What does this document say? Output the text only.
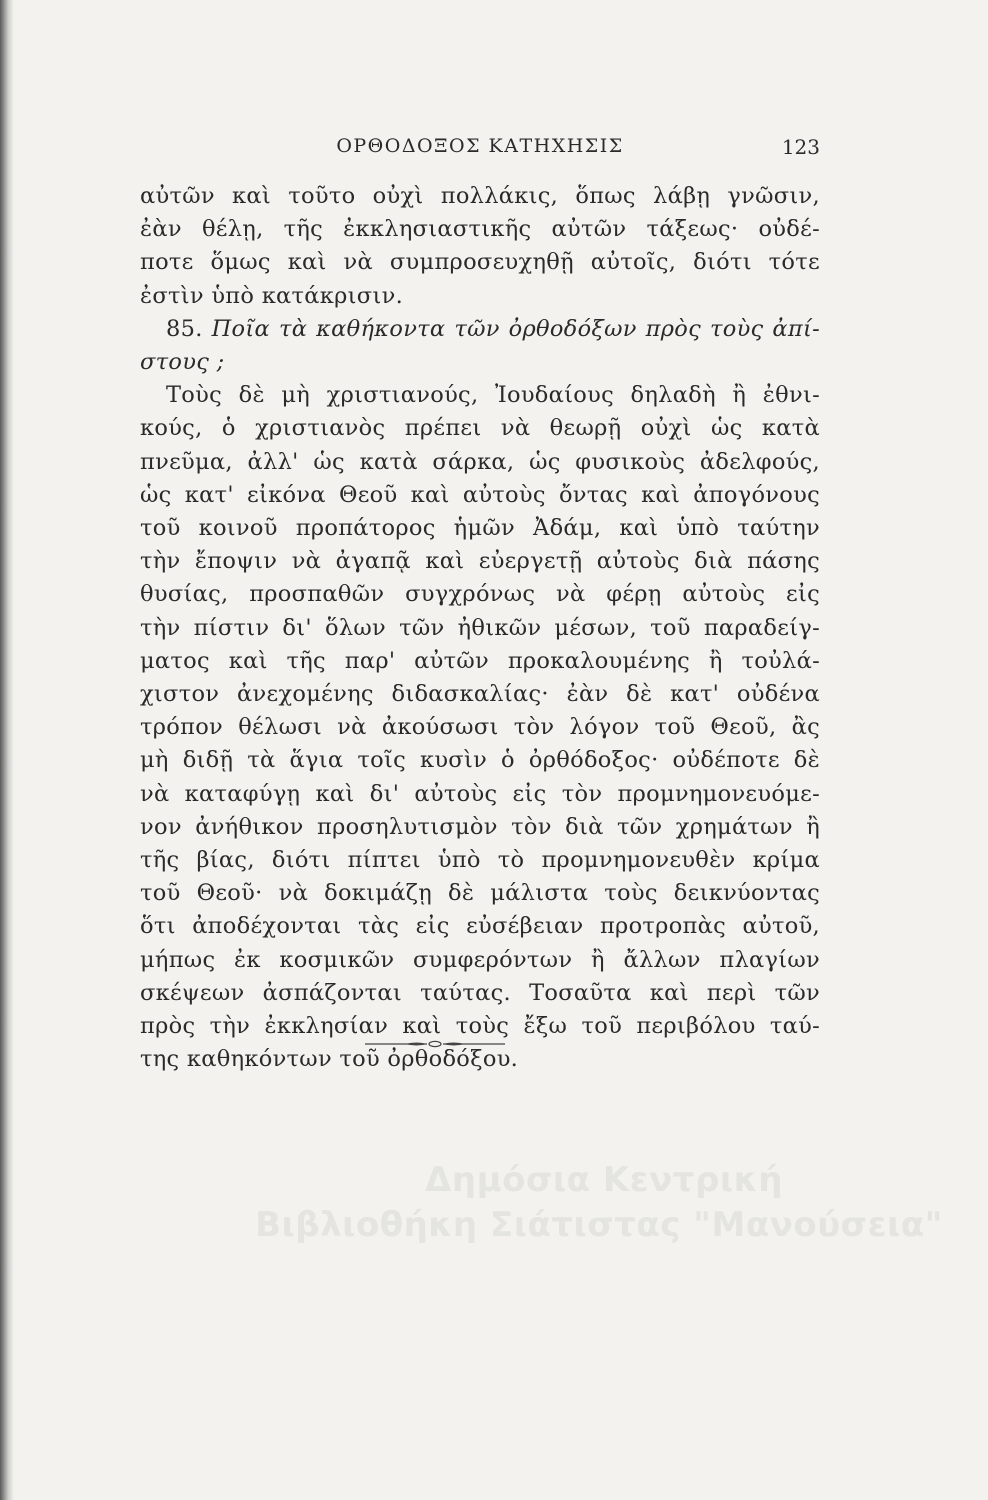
ΟΡΘΟΔΟΞΟΣ ΚΑΤΗΧΗΣΙΣ	123

αὐτῶν καὶ τοῦτο οὐχὶ πολλάκις, ὅπως λάβῃ γνῶσιν,
ἐὰν θέλῃ, τῆς ἐκκλησιαστικῆς αὐτῶν τάξεως· οὐδέ-
ποτε ὅμως καὶ νὰ συμπροσευχηθῇ αὐτοῖς, διότι τότε
ἐστὶν ὑπὸ κατάκρισιν.

85. Ποῖα τὰ καθήκοντα τῶν ὀρθοδόξων πρὸς τοὺς ἀπί-
στους ;

Τοὺς δὲ μὴ χριστιανούς, Ἰουδαίους δηλαδὴ ἢ ἐθνι-
κούς, ὁ χριστιανὸς πρέπει νὰ θεωρῇ οὐχὶ ὡς κατὰ
πνεῦμα, ἀλλ' ὡς κατὰ σάρκα, ὡς φυσικοὺς ἀδελφούς,
ὡς κατ' εἰκόνα Θεοῦ καὶ αὐτοὺς ὄντας καὶ ἀπογόνους
τοῦ κοινοῦ προπάτορος ἡμῶν Ἀδάμ, καὶ ὑπὸ ταύτην
τὴν ἔποψιν νὰ ἀγαπᾷ καὶ εὐεργετῇ αὐτοὺς διὰ πάσης
θυσίας, προσπαθῶν συγχρόνως νὰ φέρῃ αὐτοὺς εἰς
τὴν πίστιν δι' ὅλων τῶν ἠθικῶν μέσων, τοῦ παραδείγ-
ματος καὶ τῆς παρ' αὐτῶν προκαλουμένης ἢ τοὐλά-
χιστον ἀνεχομένης διδασκαλίας· ἐὰν δὲ κατ' οὐδένα
τρόπον θέλωσι νὰ ἀκούσωσι τὸν λόγον τοῦ Θεοῦ, ἂς
μὴ διδῇ τὰ ἅγια τοῖς κυσὶν ὁ ὀρθόδοξος· οὐδέποτε δὲ
νὰ καταφύγῃ καὶ δι' αὐτοὺς εἰς τὸν προμνημονευόμε-
νον ἀνήθικον προσηλυτισμὸν τὸν διὰ τῶν χρημάτων ἢ
τῆς βίας, διότι πίπτει ὑπὸ τὸ προμνημονευθὲν κρίμα
τοῦ Θεοῦ· νὰ δοκιμάζῃ δὲ μάλιστα τοὺς δεικνύοντας
ὅτι ἀποδέχονται τὰς εἰς εὐσέβειαν προτροπὰς αὐτοῦ,
μήπως ἐκ κοσμικῶν συμφερόντων ἢ ἄλλων πλαγίων
σκέψεων ἀσπάζονται ταύτας. Τοσαῦτα καὶ περὶ τῶν
πρὸς τὴν ἐκκλησίαν καὶ τοὺς ἔξω τοῦ περιβόλου ταύ-
της καθηκόντων τοῦ ὀρθοδόξου.

Δημόσια Κεντρική
Βιβλιοθήκη Σιάτιστας "Μανούσεια"
